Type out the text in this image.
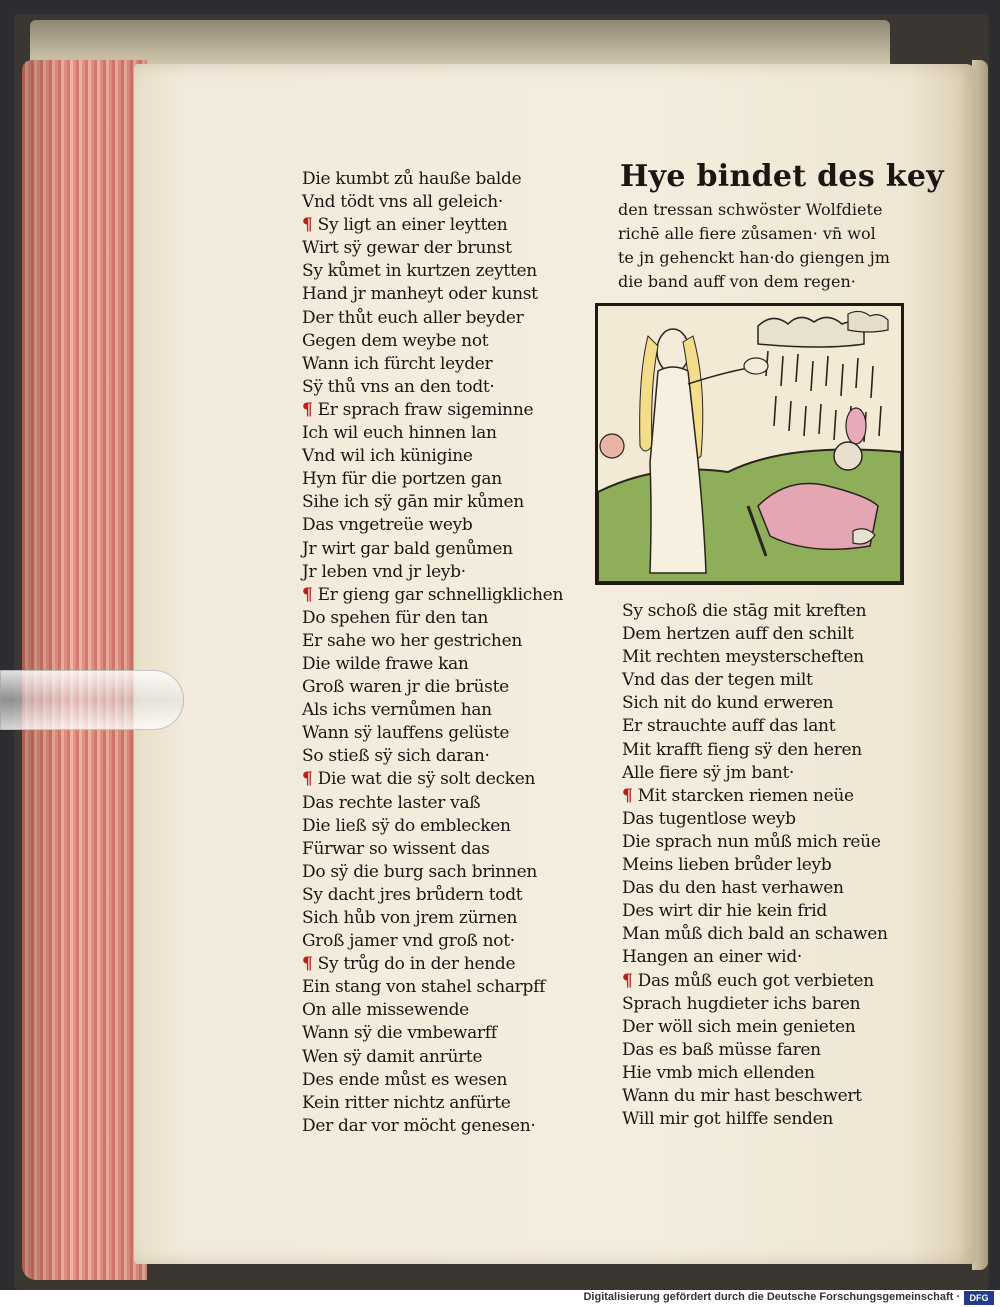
Die kumbt zů hauße balde
Vnd tödt vns all geleich·
¶ Sy ligt an einer leytten
Wirt sÿ gewar der brunst
Sy kůmet in kurtzen zeytten
Hand jr manheyt oder kunst
Der thůt euch aller beyder
Gegen dem weybe not
Wann ich fürcht leyder
Sÿ thů vns an den todt·
¶ Er sprach fraw sigeminne
Ich wil euch hinnen lan
Vnd wil ich künigine
Hyn für die portzen gan
Sihe ich sÿ gān mir kůmen
Das vngetreüe weyb
Jr wirt gar bald genůmen
Jr leben vnd jr leyb·
¶ Er gieng gar schnelligklichen
Do spehen für den tan
Er sahe wo her gestrichen
Die wilde frawe kan
Groß waren jr die brüste
Als ichs vernůmen han
Wann sÿ lauffens gelüste
So stieß sÿ sich daran·
¶ Die wat die sÿ solt decken
Das rechte laster vaß
Die ließ sÿ do emblecken
Fürwar so wissent das
Do sÿ die burg sach brinnen
Sy dacht jres brůdern todt
Sich hůb von jrem zürnen
Groß jamer vnd groß not·
¶ Sy trůg do in der hende
Ein stang von stahel scharpff
On alle missewende
Wann sÿ die vmbewarff
Wen sÿ damit anrürte
Des ende můst es wesen
Kein ritter nichtz anfürte
Der dar vor möcht genesen·
Hye bindet des key
den tressan schwöster Wolfdiete
richē alle fiere zůsamen· vn̄ wol
te jn gehenckt han·do giengen jm
die band auff von dem regen·
Sy schoß die stāg mit kreften
Dem hertzen auff den schilt
Mit rechten meysterscheften
Vnd das der tegen milt
Sich nit do kund erweren
Er strauchte auff das lant
Mit krafft fieng sÿ den heren
Alle fiere sÿ jm bant·
¶ Mit starcken riemen neüe
Das tugentlose weyb
Die sprach nun můß mich reüe
Meins lieben brůder leyb
Das du den hast verhawen
Des wirt dir hie kein frid
Man můß dich bald an schawen
Hangen an einer wid·
¶ Das můß euch got verbieten
Sprach hugdieter ichs baren
Der wöll sich mein genieten
Das es baß müsse faren
Hie vmb mich ellenden
Wann du mir hast beschwert
Will mir got hilffe senden
Digitalisierung gefördert durch die Deutsche Forschungsgemeinschaft ·	DFG
